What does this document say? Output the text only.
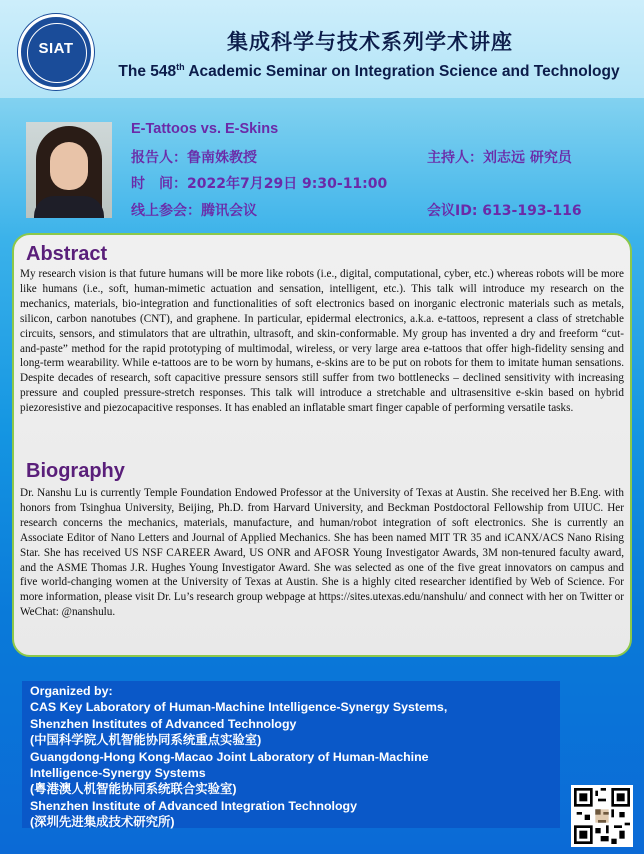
SIAT	集成科学与技术系列学术讲座
The 548th Academic Seminar on Integration Science and Technology
E-Tattoos vs. E-Skins
报告人：鲁南姝教授	主持人：刘志远 研究员
时　间：2022年7月29日 9:30-11:00
线上参会：腾讯会议	会议ID: 613-193-116
Abstract

My research vision is that future humans will be more like robots (i.e., digital, computational, cyber, etc.) whereas robots will be more like humans (i.e., soft, human-mimetic actuation and sensation, intelligent, etc.). This talk will introduce my research on the mechanics, materials, bio-integration and functionalities of soft electronics based on inorganic electronic materials such as metals, silicon, carbon nanotubes (CNT), and graphene. In particular, epidermal electronics, a.k.a. e-tattoos, represent a class of stretchable circuits, sensors, and stimulators that are ultrathin, ultrasoft, and skin-conformable. My group has invented a dry and freeform “cut-and-paste” method for the rapid prototyping of multimodal, wireless, or very large area e-tattoos that offer high-fidelity sensing and long-term wearability. While e-tattoos are to be worn by humans, e-skins are to be put on robots for them to imitate human sensations. Despite decades of research, soft capacitive pressure sensors still suffer from two bottlenecks – declined sensitivity with increasing pressure and coupled pressure-stretch responses. This talk will introduce a stretchable and ultrasensitive e-skin based on hybrid piezoresistive and piezocapacitive responses. It has enabled an inflatable smart finger capable of performing versatile tasks.

Biography

Dr. Nanshu Lu is currently Temple Foundation Endowed Professor at the University of Texas at Austin. She received her B.Eng. with honors from Tsinghua University, Beijing, Ph.D. from Harvard University, and Beckman Postdoctoral Fellowship from UIUC. Her research concerns the mechanics, materials, manufacture, and human/robot integration of soft electronics. She is currently an Associate Editor of Nano Letters and Journal of Applied Mechanics. She has been named MIT TR 35 and iCANX/ACS Nano Rising Star. She has received US NSF CAREER Award, US ONR and AFOSR Young Investigator Awards, 3M non-tenured faculty award, and the ASME Thomas J.R. Hughes Young Investigator Award. She was selected as one of the five great innovators on campus and five world-changing women at the University of Texas at Austin. She is a highly cited researcher identified by Web of Science. For more information, please visit Dr. Lu’s research group webpage at https://sites.utexas.edu/nanshulu/ and connect with her on Twitter or WeChat: @nanshulu.

Organized by:
CAS Key Laboratory of Human-Machine Intelligence-Synergy Systems,
Shenzhen Institutes of Advanced Technology
(中国科学院人机智能协同系统重点实验室)
Guangdong-Hong Kong-Macao Joint Laboratory of Human-Machine
Intelligence-Synergy Systems
(粤港澳人机智能协同系统联合实验室)
Shenzhen Institute of Advanced Integration Technology
(深圳先进集成技术研究所)
